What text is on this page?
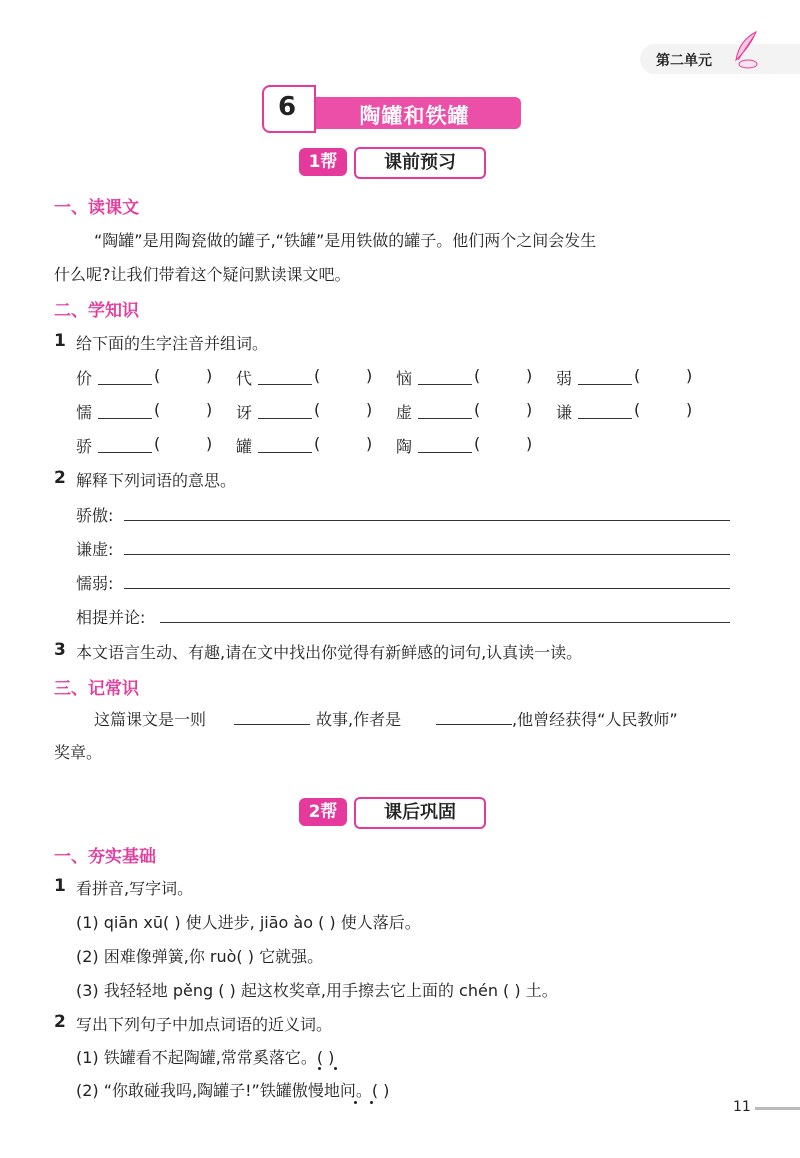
第二单元
6	陶罐和铁罐
1帮	课前预习
一、读课文
“陶罐”是用陶瓷做的罐子,“铁罐”是用铁做的罐子。他们两个之间会发生
什么呢?让我们带着这个疑问默读课文吧。
二、学知识
1 给下面的生字注音并组词。
价	(	) 代	(	) 恼	(	) 弱	(	)
懦	(	) 讶	(	) 虚	(	) 谦	(	)
骄	(	) 罐	(	) 陶	(	)
2 解释下列词语的意思。
骄傲:
谦虚:
懦弱:
相提并论:
3 本文语言生动、有趣,请在文中找出你觉得有新鲜感的词句,认真读一读。
三、记常识
这篇课文是一则	故事,作者是	,他曾经获得“人民教师”
奖章。
2帮	课后巩固
一、夯实基础
1 看拼音,写字词。
(1) qiān xū( ) 使人进步, jiāo ào ( ) 使人落后。
(2) 困难像弹簧,你 ruò( ) 它就强。
(3) 我轻轻地 pěng ( ) 起这枚奖章,用手擦去它上面的 chén ( ) 土。
2 写出下列句子中加点词语的近义词。
(1) 铁罐看不起陶罐,常常奚落它。( )
(2) “你敢碰我吗,陶罐子!”铁罐傲慢地问。( )
11
